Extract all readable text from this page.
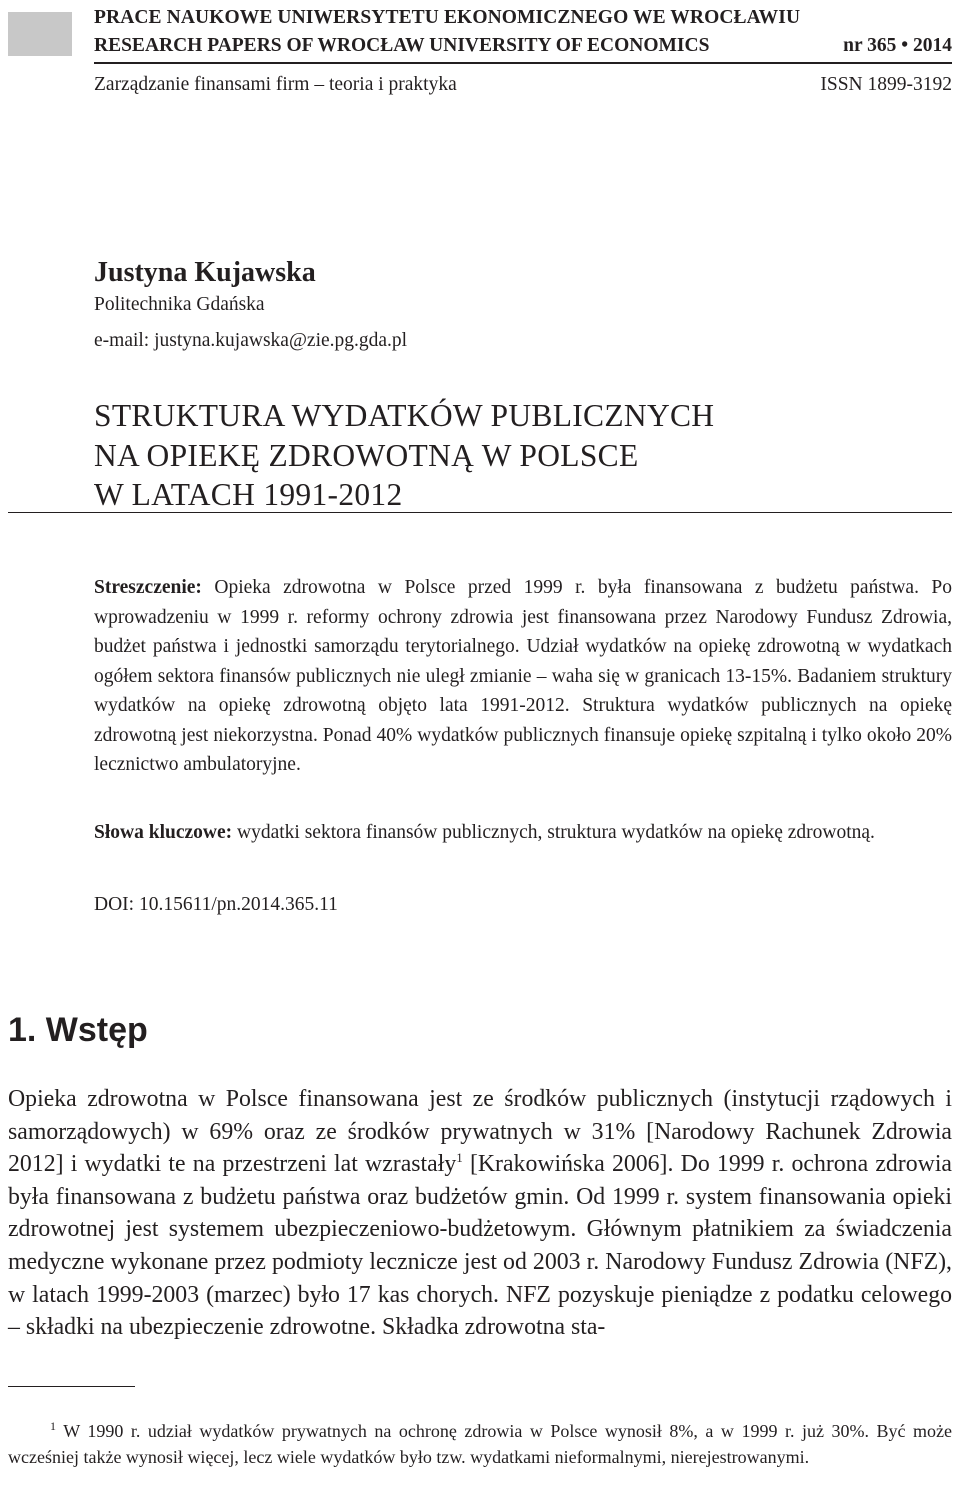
PRACE NAUKOWE UNIWERSYTETU EKONOMICZNEGO WE WROCŁAWIU
RESEARCH PAPERS OF WROCŁAW UNIVERSITY OF ECONOMICS	nr 365 • 2014
Zarządzanie finansami firm – teoria i praktyka	ISSN 1899-3192
Justyna Kujawska
Politechnika Gdańska
e-mail: justyna.kujawska@zie.pg.gda.pl
STRUKTURA WYDATKÓW PUBLICZNYCH
NA OPIEKĘ ZDROWOTNĄ W POLSCE
W LATACH 1991-2012
Streszczenie: Opieka zdrowotna w Polsce przed 1999 r. była finansowana z budżetu państwa. Po wprowadzeniu w 1999 r. reformy ochrony zdrowia jest finansowana przez Narodowy Fundusz Zdrowia, budżet państwa i jednostki samorządu terytorialnego. Udział wydatków na opiekę zdrowotną w wydatkach ogółem sektora finansów publicznych nie uległ zmianie – waha się w granicach 13-15%. Badaniem struktury wydatków na opiekę zdrowotną objęto lata 1991-2012. Struktura wydatków publicznych na opiekę zdrowotną jest niekorzystna. Ponad 40% wydatków publicznych finansuje opiekę szpitalną i tylko około 20% lecznictwo ambulatoryjne.
Słowa kluczowe: wydatki sektora finansów publicznych, struktura wydatków na opiekę zdrowotną.
DOI: 10.15611/pn.2014.365.11
1. Wstęp
Opieka zdrowotna w Polsce finansowana jest ze środków publicznych (instytucji rządowych i samorządowych) w 69% oraz ze środków prywatnych w 31% [Narodowy Rachunek Zdrowia 2012] i wydatki te na przestrzeni lat wzrastały$^1$ [Krakowińska 2006]. Do 1999 r. ochrona zdrowia była finansowana z budżetu państwa oraz budżetów gmin. Od 1999 r. system finansowania opieki zdrowotnej jest systemem ubezpieczeniowo-budżetowym. Głównym płatnikiem za świadczenia medyczne wykonane przez podmioty lecznicze jest od 2003 r. Narodowy Fundusz Zdrowia (NFZ), w latach 1999-2003 (marzec) było 17 kas chorych. NFZ pozyskuje pieniądze z podatku celowego – składki na ubezpieczenie zdrowotne. Składka zdrowotna sta-
$^1$ W 1990 r. udział wydatków prywatnych na ochronę zdrowia w Polsce wynosił 8%, a w 1999 r. już 30%. Być może wcześniej także wynosił więcej, lecz wiele wydatków było tzw. wydatkami nieformalnymi, nierejestrowanymi.
